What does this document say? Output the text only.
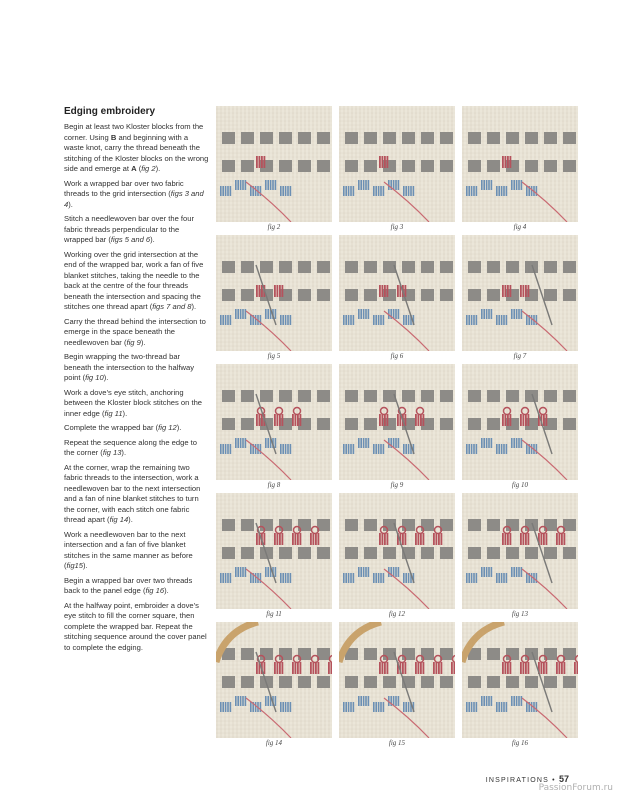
Edging embroidery

Begin at least two Kloster blocks from the corner. Using B and beginning with a waste knot, carry the thread beneath the stitching of the Kloster blocks on the wrong side and emerge at A (fig 2).

Work a wrapped bar over two fabric threads to the grid intersection (figs 3 and 4).

Stitch a needlewoven bar over the four fabric threads perpendicular to the wrapped bar (figs 5 and 6).

Working over the grid intersection at the end of the wrapped bar, work a fan of five blanket stitches, taking the needle to the back at the centre of the four threads beneath the intersection and spacing the stitches one thread apart (figs 7 and 8).

Carry the thread behind the intersection to emerge in the space beneath the needlewoven bar (fig 9).

Begin wrapping the two-thread bar beneath the intersection to the halfway point (fig 10).

Work a dove’s eye stitch, anchoring between the Kloster block stitches on the inner edge (fig 11).

Complete the wrapped bar (fig 12).

Repeat the sequence along the edge to the corner (fig 13).

At the corner, wrap the remaining two fabric threads to the intersection, work a needlewoven bar to the next intersection and a fan of nine blanket stitches to turn the corner, with each stitch one fabric thread apart (fig 14).

Work a needlewoven bar to the next intersection and a fan of five blanket stitches in the same manner as before (fig15).

Begin a wrapped bar over two threads back to the panel edge (fig 16).

At the halfway point, embroider a dove’s eye stitch to fill the corner square, then complete the wrapped bar. Repeat the stitching sequence around the cover panel to complete the edging.

fig 2	fig 3	fig 4
fig 5	fig 6	fig 7
fig 8	fig 9	fig 10
fig 11	fig 12	fig 13
fig 14	fig 15	fig 16
INSPIRATIONS • 57
PassionForum.ru
